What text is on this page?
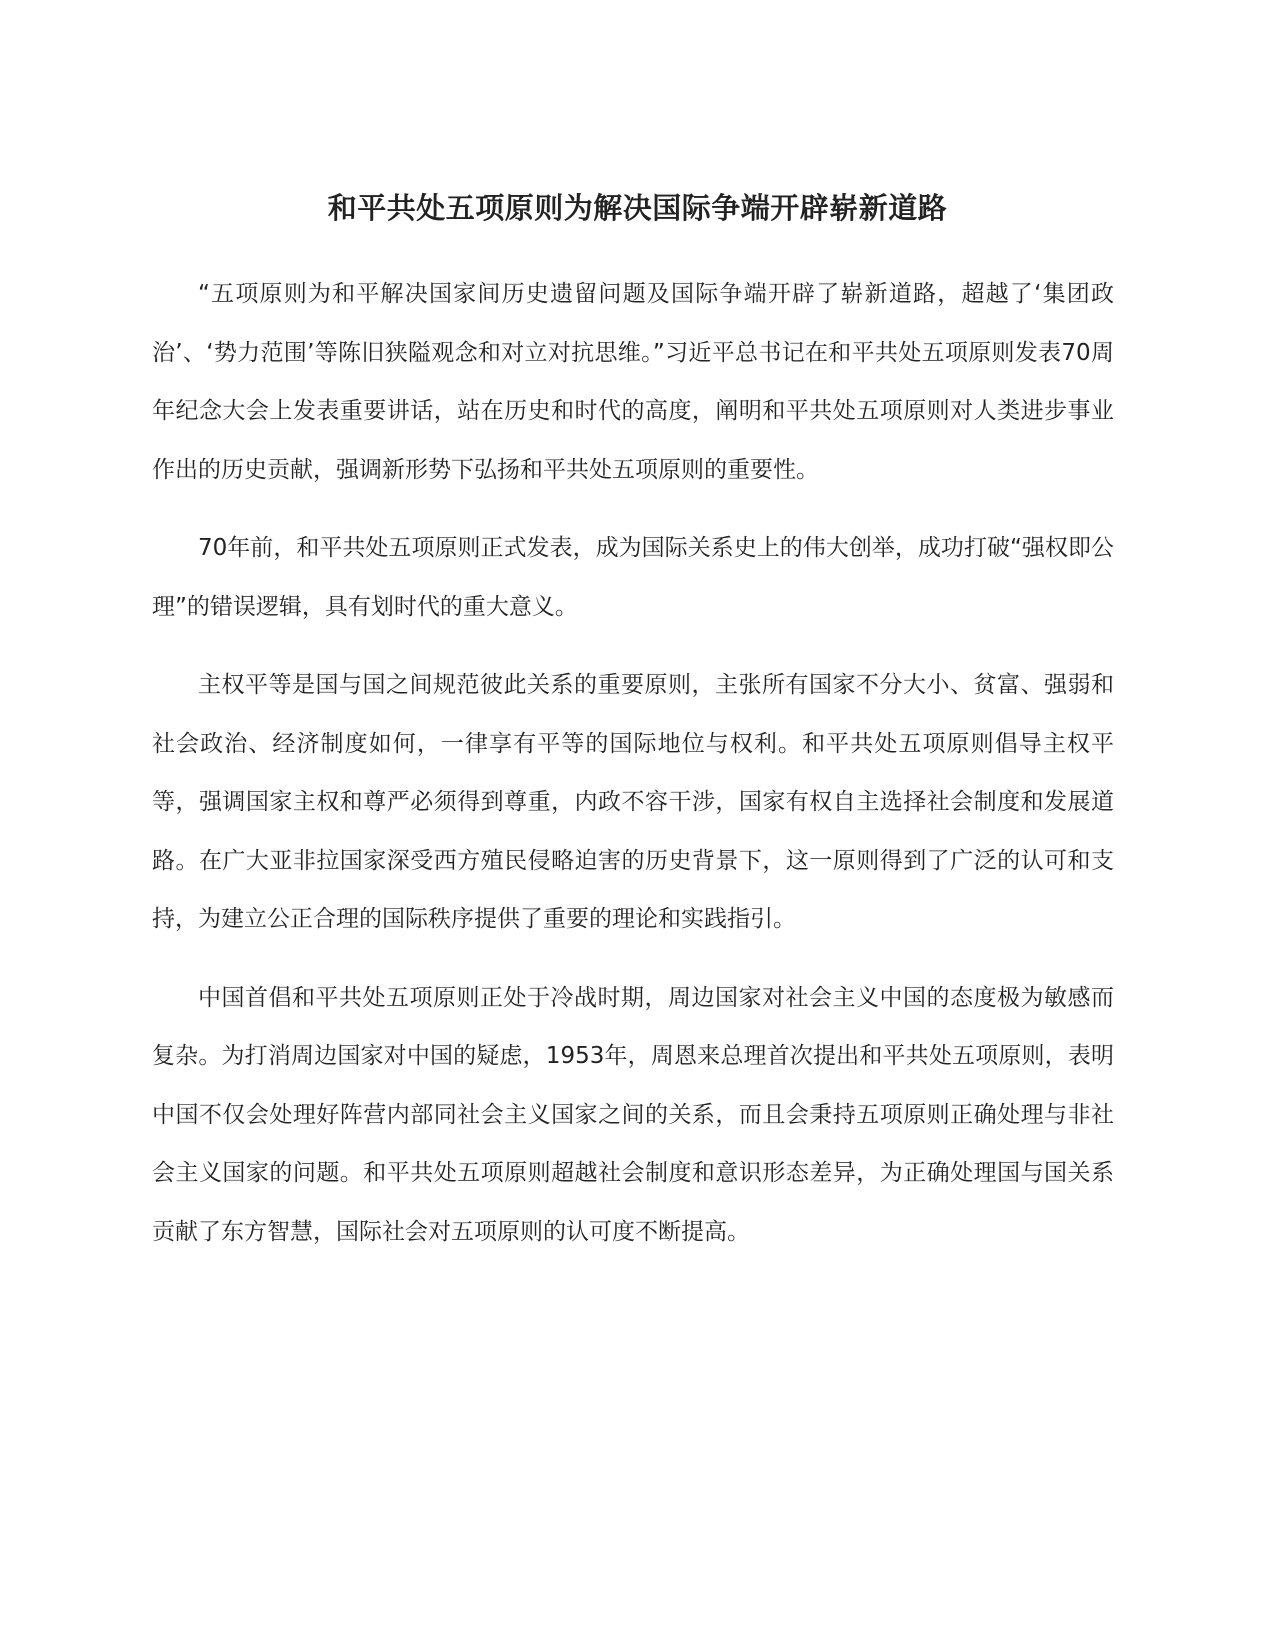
和平共处五项原则为解决国际争端开辟崭新道路

“五项原则为和平解决国家间历史遗留问题及国际争端开辟了崭新道路，超越了‘集团政治’、‘势力范围’等陈旧狭隘观念和对立对抗思维。”习近平总书记在和平共处五项原则发表70周年纪念大会上发表重要讲话，站在历史和时代的高度，阐明和平共处五项原则对人类进步事业作出的历史贡献，强调新形势下弘扬和平共处五项原则的重要性。

70年前，和平共处五项原则正式发表，成为国际关系史上的伟大创举，成功打破“强权即公理”的错误逻辑，具有划时代的重大意义。

主权平等是国与国之间规范彼此关系的重要原则，主张所有国家不分大小、贫富、强弱和社会政治、经济制度如何，一律享有平等的国际地位与权利。和平共处五项原则倡导主权平等，强调国家主权和尊严必须得到尊重，内政不容干涉，国家有权自主选择社会制度和发展道路。在广大亚非拉国家深受西方殖民侵略迫害的历史背景下，这一原则得到了广泛的认可和支持，为建立公正合理的国际秩序提供了重要的理论和实践指引。

中国首倡和平共处五项原则正处于冷战时期，周边国家对社会主义中国的态度极为敏感而复杂。为打消周边国家对中国的疑虑，1953年，周恩来总理首次提出和平共处五项原则，表明中国不仅会处理好阵营内部同社会主义国家之间的关系，而且会秉持五项原则正确处理与非社会主义国家的问题。和平共处五项原则超越社会制度和意识形态差异，为正确处理国与国关系贡献了东方智慧，国际社会对五项原则的认可度不断提高。
